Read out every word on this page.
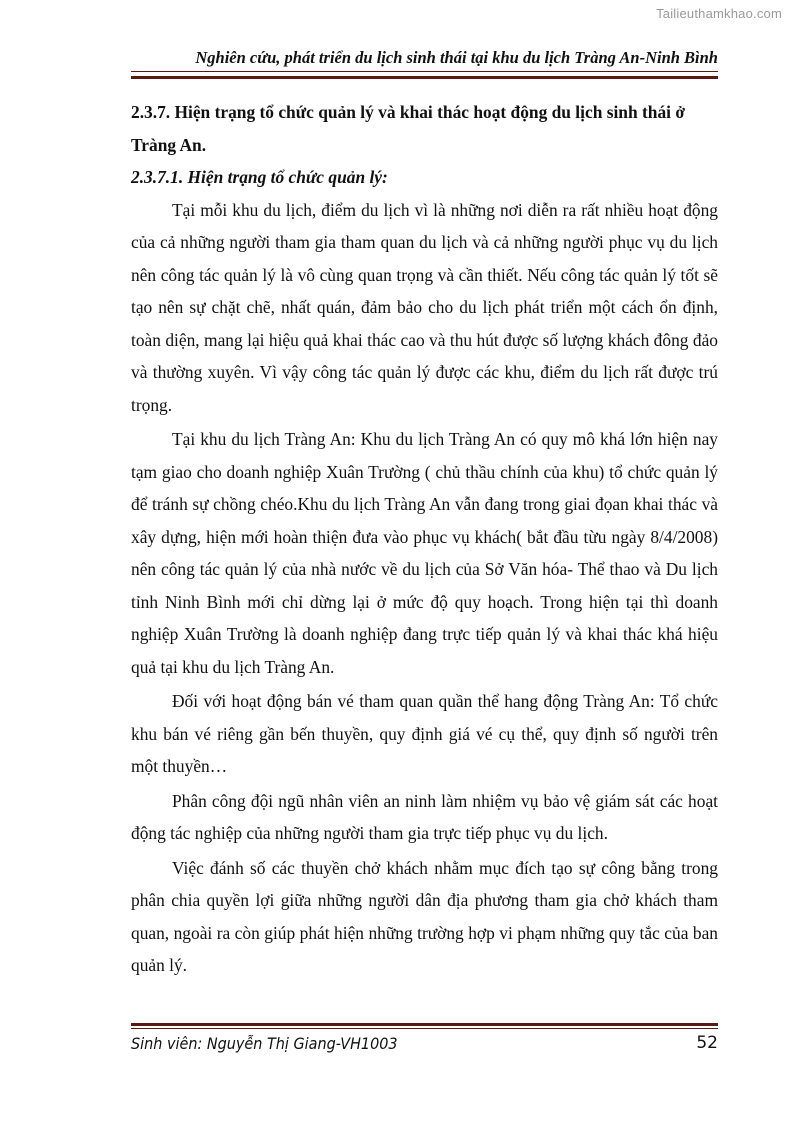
Tailieuthamkhao.com
Nghiên cứu, phát triển du lịch sinh thái tại khu du lịch Tràng An-Ninh Bình
2.3.7. Hiện trạng tổ chức quản lý và khai thác hoạt động du lịch sinh thái ở Tràng An.
2.3.7.1. Hiện trạng tổ chức quản lý:

Tại mỗi khu du lịch, điểm du lịch vì là những nơi diễn ra rất nhiều hoạt động của cả những người tham gia tham quan du lịch và cả những người phục vụ du lịch nên công tác quản lý là vô cùng quan trọng và cần thiết. Nếu công tác quản lý tốt sẽ tạo nên sự chặt chẽ, nhất quán, đảm bảo cho du lịch phát triển một cách ổn định, toàn diện, mang lại hiệu quả khai thác cao và thu hút được số lượng khách đông đảo và thường xuyên. Vì vậy công tác quản lý được các khu, điểm du lịch rất được trú trọng.

Tại khu du lịch Tràng An: Khu du lịch Tràng An có quy mô khá lớn hiện nay tạm giao cho doanh nghiệp Xuân Trường ( chủ thầu chính của khu) tổ chức quản lý để tránh sự chồng chéo.Khu du lịch Tràng An vẫn đang trong giai đọan khai thác và xây dựng, hiện mới hoàn thiện đưa vào phục vụ khách( bắt đầu từu ngày 8/4/2008) nên công tác quản lý của nhà nước về du lịch của Sở Văn hóa- Thể thao và Du lịch tỉnh Ninh Bình mới chỉ dừng lại ở mức độ quy hoạch. Trong hiện tại thì doanh nghiệp Xuân Trường là doanh nghiệp đang trực tiếp quản lý và khai thác khá hiệu quả tại khu du lịch Tràng An.

Đối với hoạt động bán vé tham quan quần thể hang động Tràng An: Tổ chức khu bán vé riêng gần bến thuyền, quy định giá vé cụ thể, quy định số người trên một thuyền…

Phân công đội ngũ nhân viên an ninh làm nhiệm vụ bảo vệ giám sát các hoạt động tác nghiệp của những người tham gia trực tiếp phục vụ du lịch.

Việc đánh số các thuyền chở khách nhằm mục đích tạo sự công bằng trong phân chia quyền lợi giữa những người dân địa phương tham gia chở khách tham quan, ngoài ra còn giúp phát hiện những trường hợp vi phạm những quy tắc của ban quản lý.

Sinh viên: Nguyễn Thị Giang-VH1003	52
